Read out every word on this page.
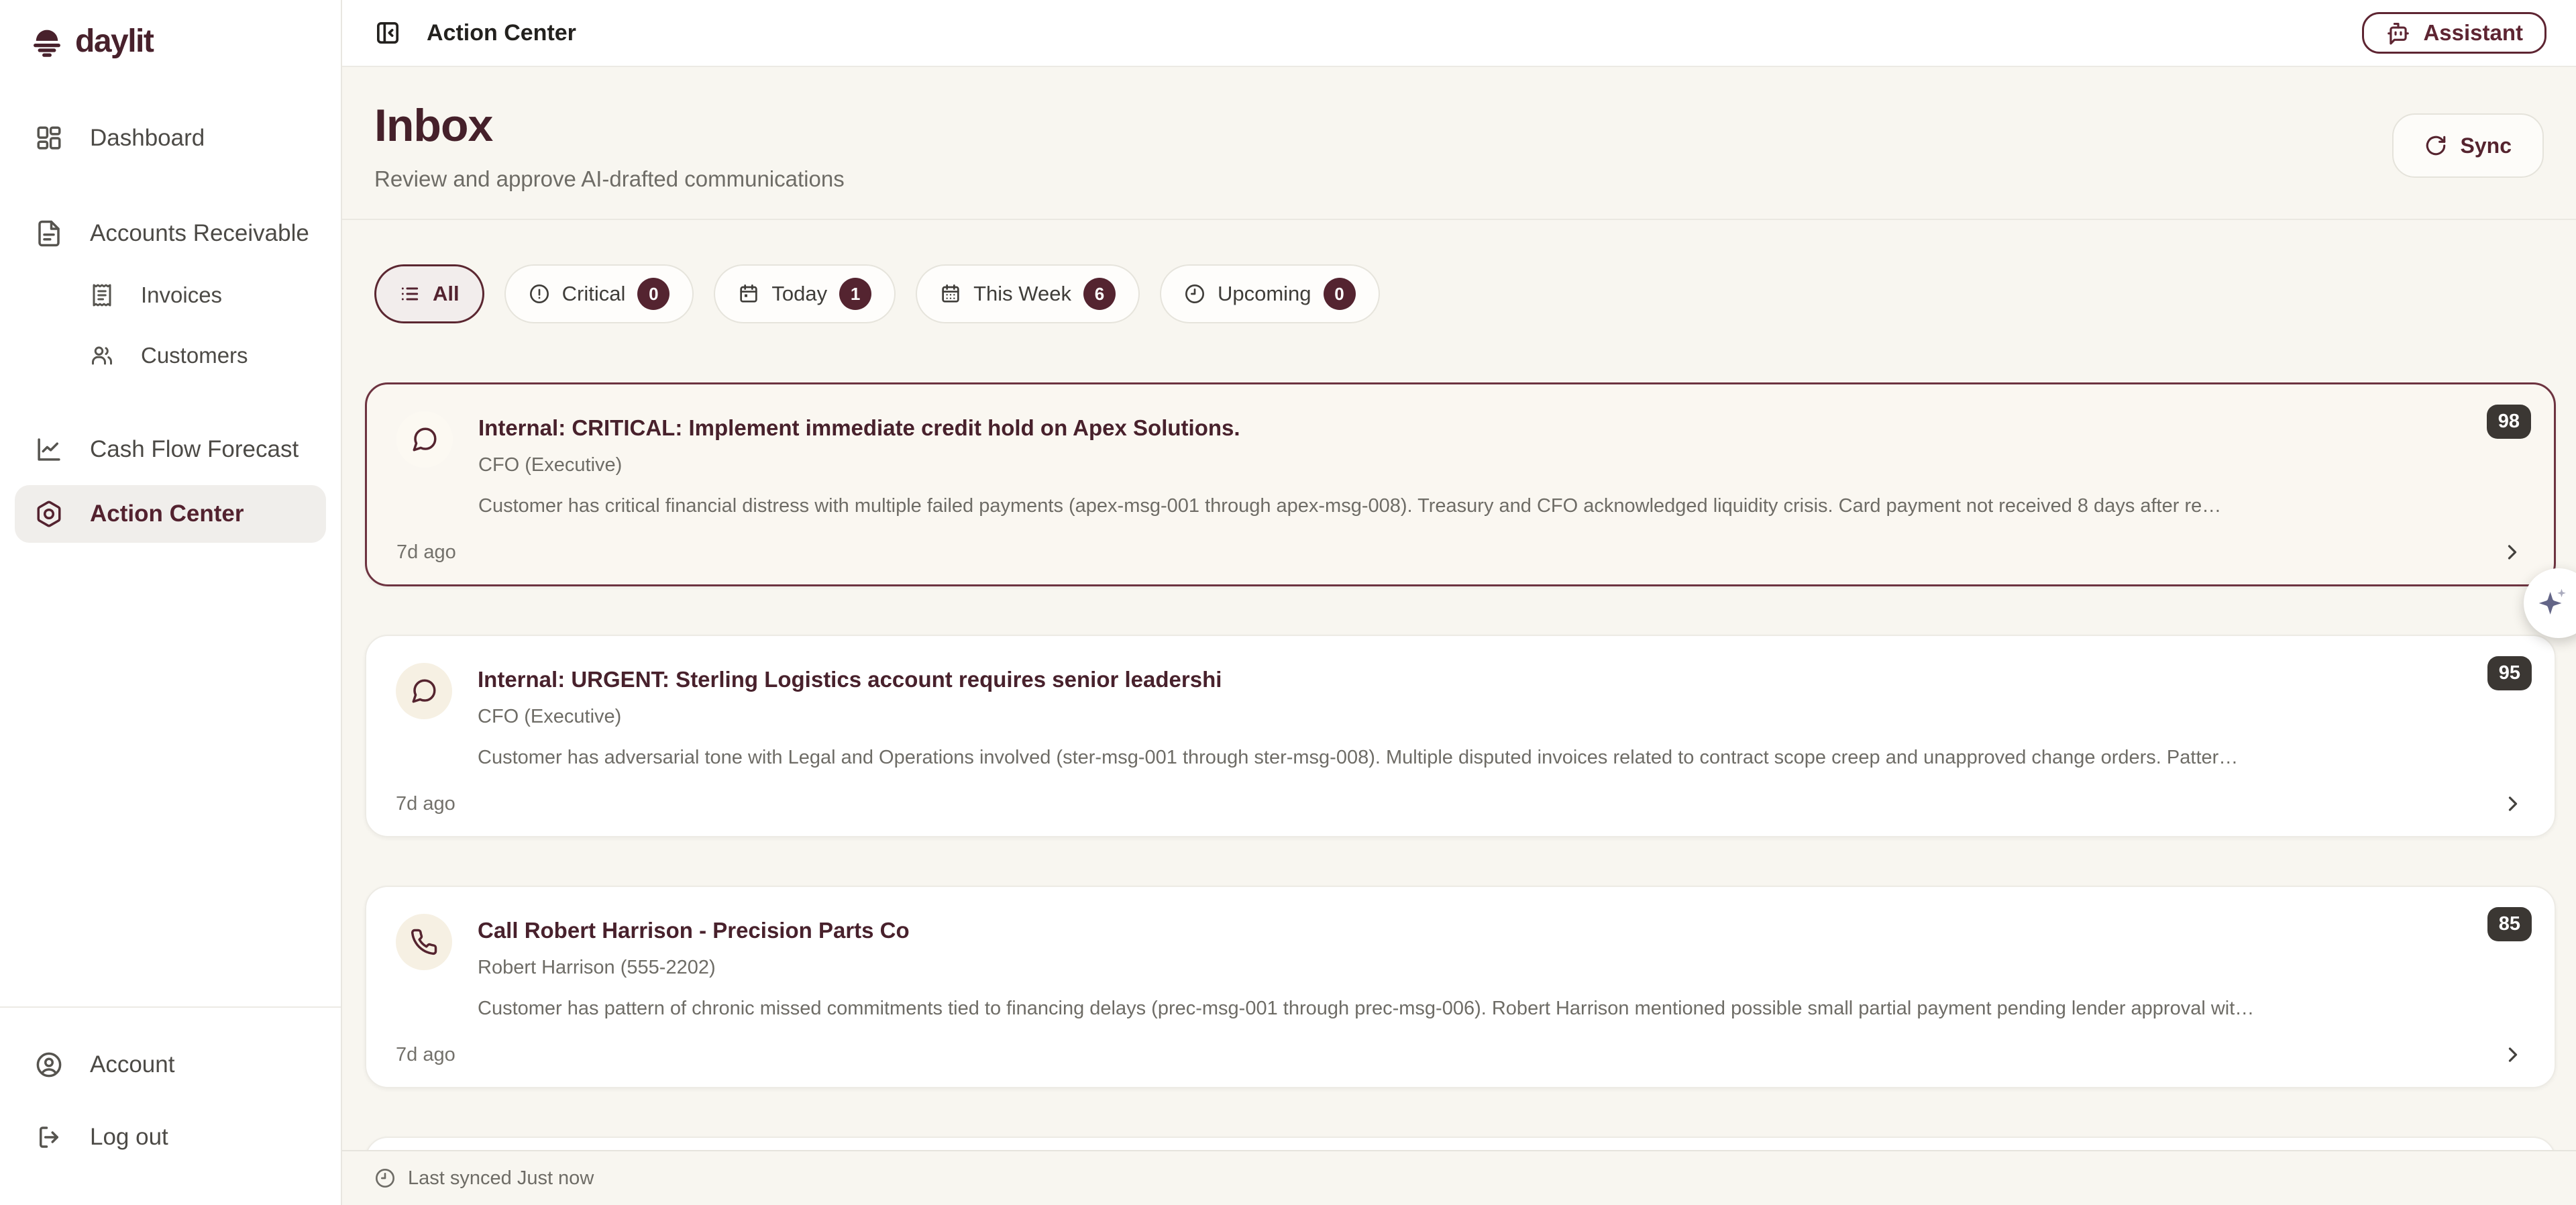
daylit
Dashboard
Accounts Receivable
Invoices
Customers
Cash Flow Forecast
Action Center
Account
Log out
Action Center	Assistant
Inbox
Review and approve AI-drafted communications
Sync
All	Critical	0	Today	1	This Week	6	Upcoming	0
98
Internal: CRITICAL: Implement immediate credit hold on Apex Solutions.
CFO (Executive)
Customer has critical financial distress with multiple failed payments (apex-msg-001 through apex-msg-008). Treasury and CFO acknowledged liquidity crisis. Card payment not received 8 days after re…
7d ago
95
Internal: URGENT: Sterling Logistics account requires senior leadershi
CFO (Executive)
Customer has adversarial tone with Legal and Operations involved (ster-msg-001 through ster-msg-008). Multiple disputed invoices related to contract scope creep and unapproved change orders. Patter…
7d ago
85
Call Robert Harrison - Precision Parts Co
Robert Harrison (555-2202)
Customer has pattern of chronic missed commitments tied to financing delays (prec-msg-001 through prec-msg-006). Robert Harrison mentioned possible small partial payment pending lender approval wit…
7d ago
Last synced Just now
